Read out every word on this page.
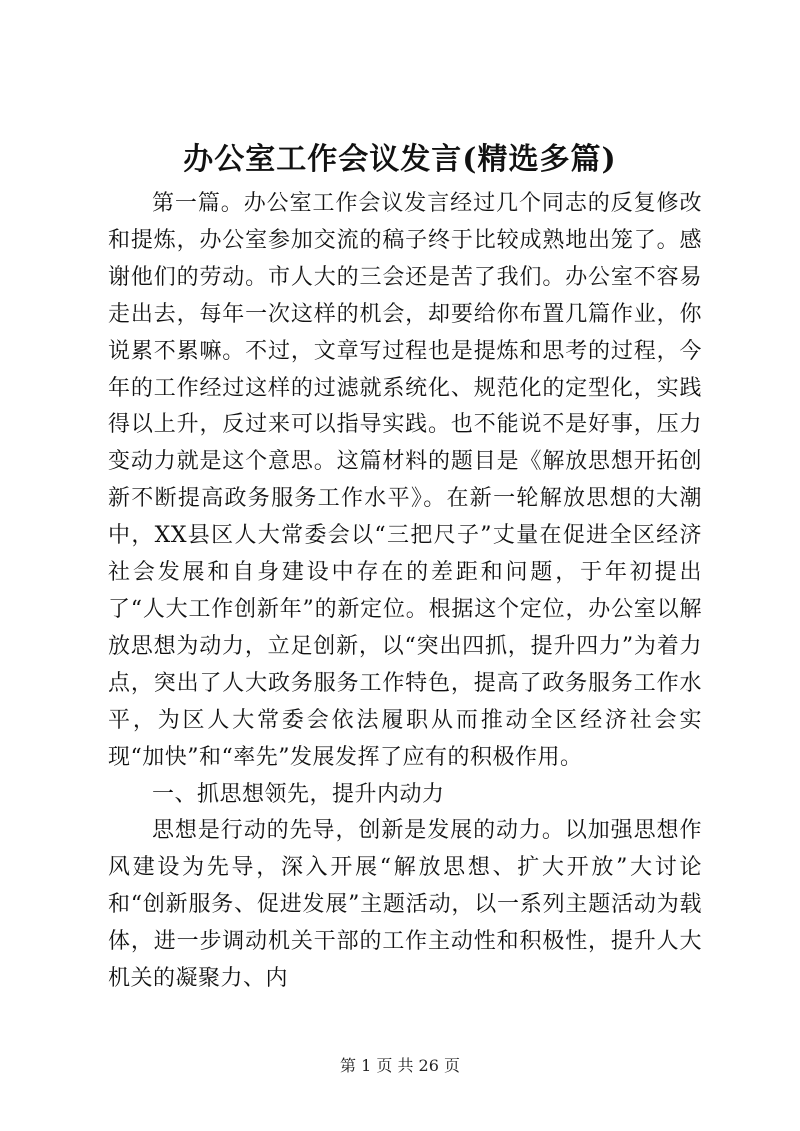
办公室工作会议发言(精选多篇)

第一篇。办公室工作会议发言经过几个同志的反复修改和提炼，办公室参加交流的稿子终于比较成熟地出笼了。感谢他们的劳动。市人大的三会还是苦了我们。办公室不容易走出去，每年一次这样的机会，却要给你布置几篇作业，你说累不累嘛。不过，文章写过程也是提炼和思考的过程，今年的工作经过这样的过滤就系统化、规范化的定型化，实践得以上升，反过来可以指导实践。也不能说不是好事，压力变动力就是这个意思。这篇材料的题目是《解放思想开拓创新不断提高政务服务工作水平》。在新一轮解放思想的大潮中，XX县区人大常委会以“三把尺子”丈量在促进全区经济社会发展和自身建设中存在的差距和问题，于年初提出了“人大工作创新年”的新定位。根据这个定位，办公室以解放思想为动力，立足创新，以“突出四抓，提升四力”为着力点，突出了人大政务服务工作特色，提高了政务服务工作水平，为区人大常委会依法履职从而推动全区经济社会实现“加快”和“率先”发展发挥了应有的积极作用。

一、抓思想领先，提升内动力

思想是行动的先导，创新是发展的动力。以加强思想作风建设为先导，深入开展“解放思想、扩大开放”大讨论和“创新服务、促进发展”主题活动，以一系列主题活动为载体，进一步调动机关干部的工作主动性和积极性，提升人大机关的凝聚力、内

第 1 页 共 26 页
